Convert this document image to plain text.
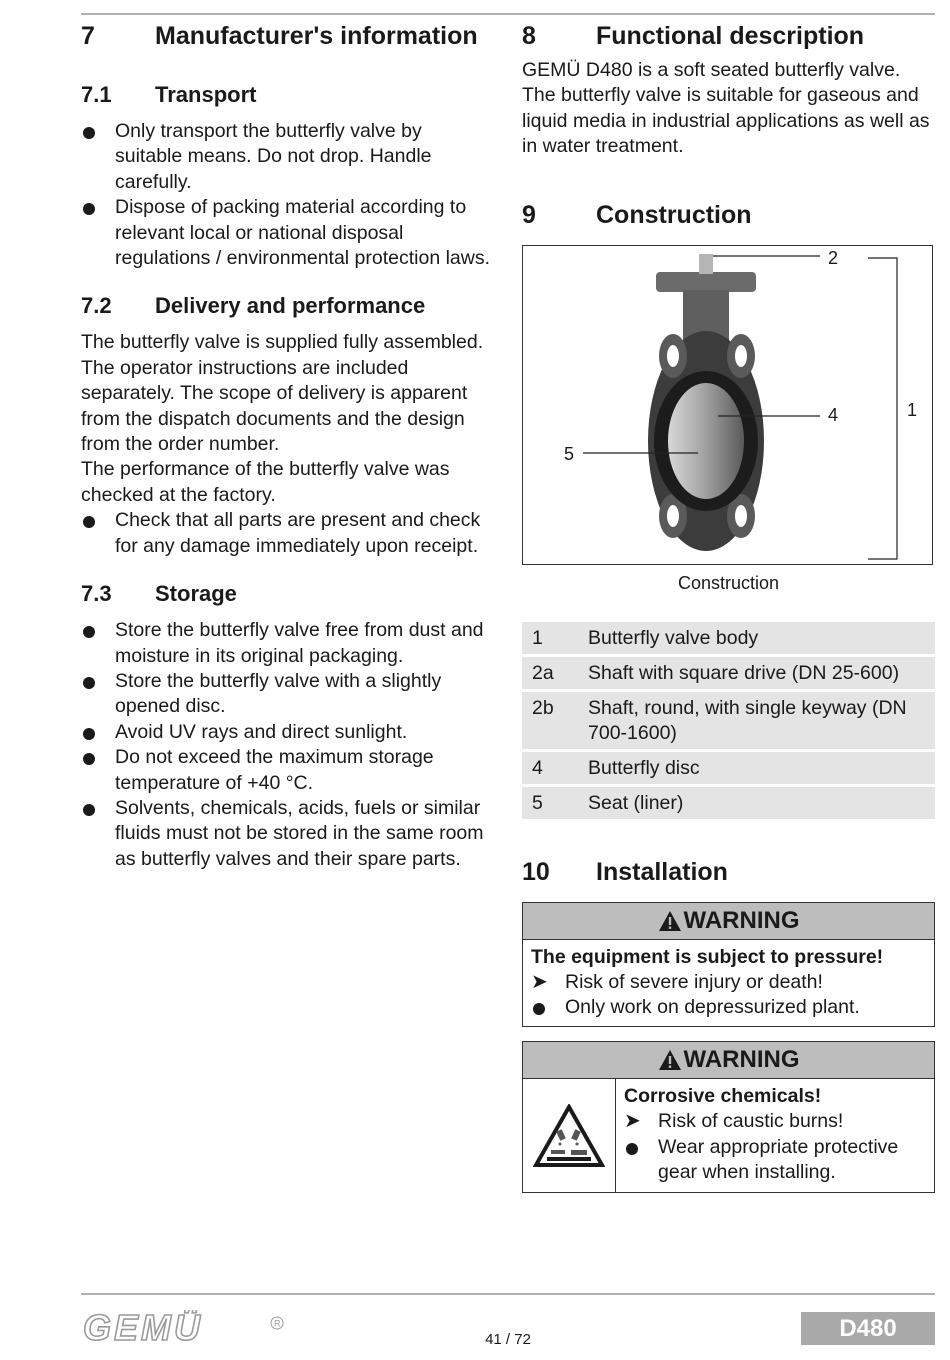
7	Manufacturer's information
7.1	Transport
Only transport the butterfly valve by suitable means. Do not drop. Handle carefully.
Dispose of packing material according to relevant local or national disposal regulations / environmental protection laws.
7.2	Delivery and performance

The butterfly valve is supplied fully assembled. The operator instructions are included separately. The scope of delivery is apparent from the dispatch documents and the design from the order number.

The performance of the butterfly valve was checked at the factory.

Check that all parts are present and check for any damage immediately upon receipt.
7.3	Storage
Store the butterfly valve free from dust and moisture in its original packaging.
Store the butterfly valve with a slightly opened disc.
Avoid UV rays and direct sunlight.
Do not exceed the maximum storage temperature of +40 °C.
Solvents, chemicals, acids, fuels or similar fluids must not be stored in the same room as butterfly valves and their spare parts.
8	Functional description

GEMÜ D480 is a soft seated butterfly valve. The butterfly valve is suitable for gaseous and liquid media in industrial applications as well as in water treatment.

9	Construction
2
4	1
5
Construction
1	Butterfly valve body
2a	Shaft with square drive (DN 25-600)
2b	Shaft, round, with single keyway (DN 700-1600)
4	Butterfly disc
5	Seat (liner)
10	Installation
WARNING
The equipment is subject to pressure!
➤ Risk of severe injury or death!
Only work on depressurized plant.
WARNING
Corrosive chemicals!
➤ Risk of caustic burns!
Wear appropriate protective gear when installing.
GEMÜ	R
41 / 72	D480
